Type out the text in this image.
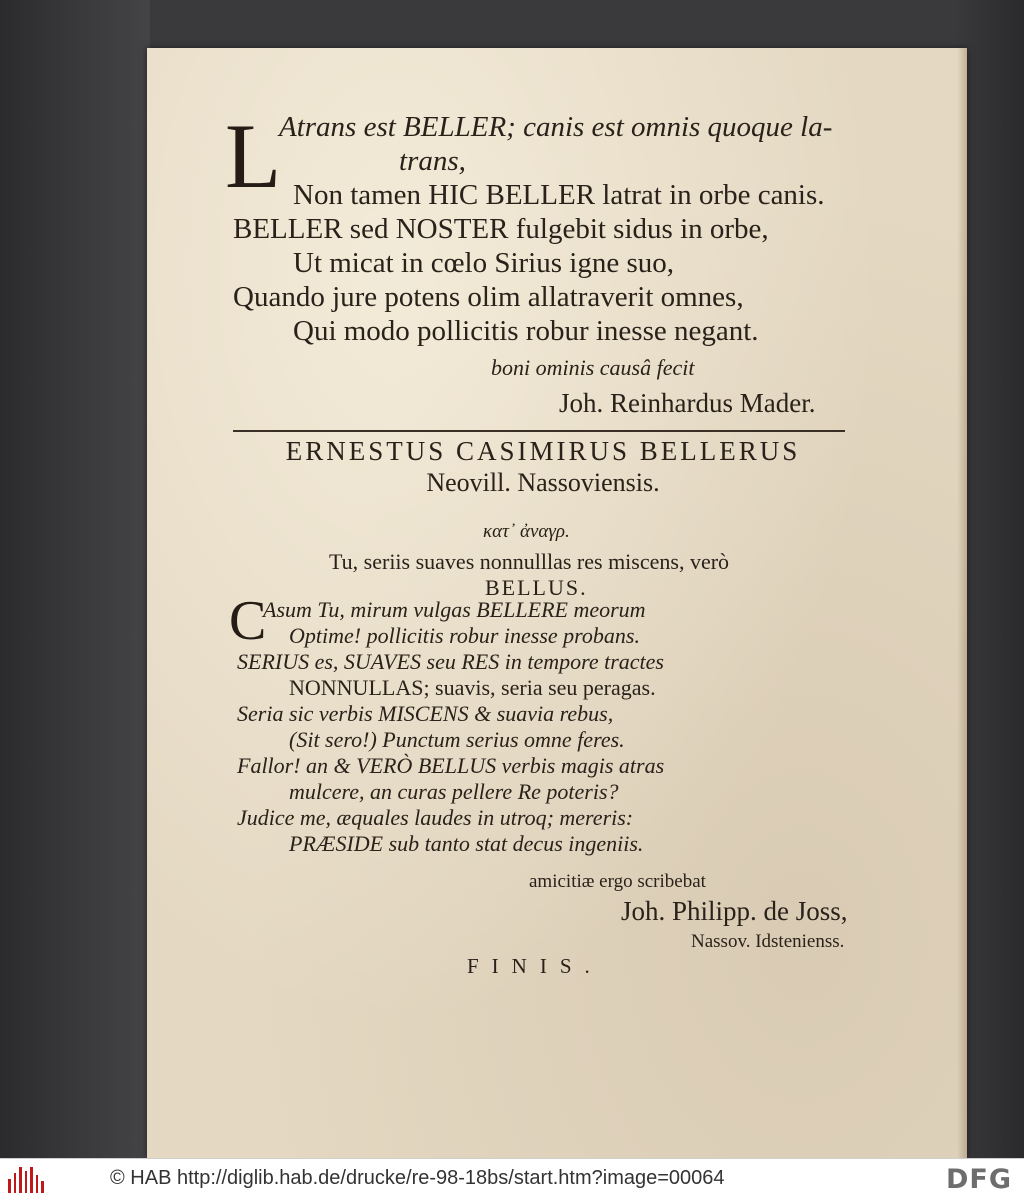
L
Atrans est BELLER; canis est omnis quoque la-
trans,
Non tamen HIC BELLER latrat in orbe canis.
BELLER sed NOSTER fulgebit sidus in orbe,
Ut micat in cœlo Sirius igne suo,
Quando jure potens olim allatraverit omnes,
Qui modo pollicitis robur inesse negant.
boni ominis causâ fecit
Joh. Reinhardus Mader.
ERNESTUS CASIMIRUS BELLERUS
Neovill. Nassoviensis.
κατ᾽ ἀναγρ.
Tu, seriis suaves nonnulllas res miscens, verò
BELLUS.
C
Asum Tu, mirum vulgas BELLERE meorum
Optime! pollicitis robur inesse probans.
SERIUS es, SUAVES seu RES in tempore tractes
NONNULLAS; suavis, seria seu peragas.
Seria sic verbis MISCENS & suavia rebus,
(Sit sero!) Punctum serius omne feres.
Fallor! an & VERÒ BELLUS verbis magis atras
mulcere, an curas pellere Re poteris?
Judice me, æquales laudes in utroq; mereris:
PRÆSIDE sub tanto stat decus ingeniis.
amicitiæ ergo scribebat
Joh. Philipp. de Joss,
Nassov. Idstenienss.
FINIS.
© HAB http://diglib.hab.de/drucke/re-98-18bs/start.htm?image=00064	DFG
